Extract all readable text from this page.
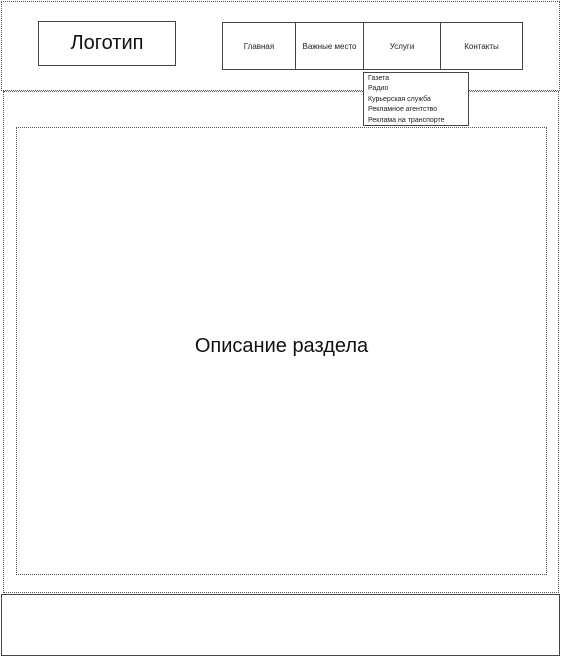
Логотип	Главная	Важные место	Услуги	Контакты
Газета
Радио
Курьерская служба
Рекламное агентство
Реклама на транспорте
Описание раздела
